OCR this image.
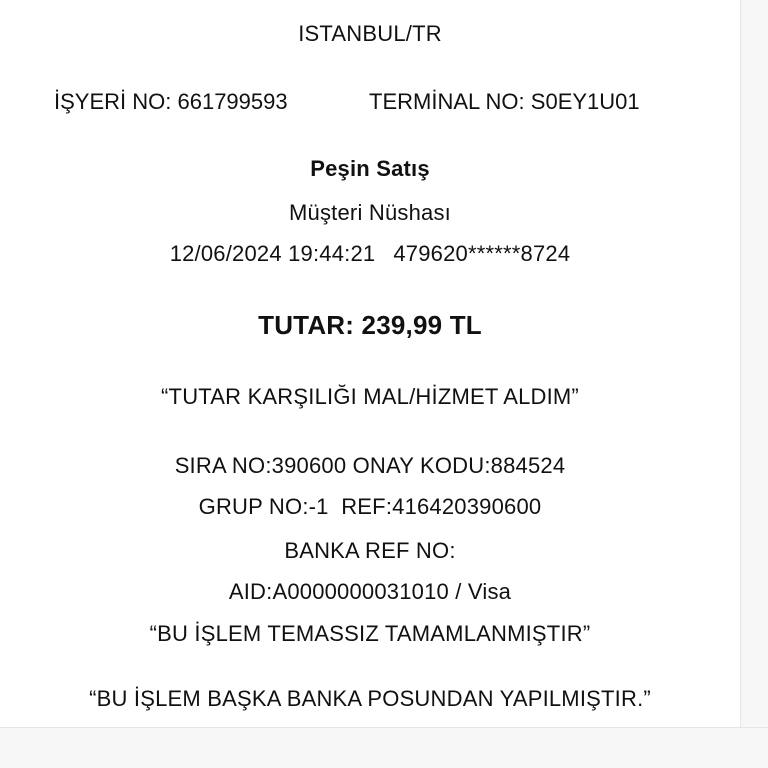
ISTANBUL/TR
İŞYERİ NO: 661799593	TERMİNAL NO: S0EY1U01
Peşin Satış
Müşteri Nüshası
12/06/2024 19:44:21 479620******8724
TUTAR: 239,99 TL
“TUTAR KARŞILIĞI MAL/HİZMET ALDIM”
SIRA NO:390600 ONAY KODU:884524
GRUP NO:-1  REF:416420390600
BANKA REF NO:
AID:A0000000031010 / Visa
“BU İŞLEM TEMASSIZ TAMAMLANMIŞTIR”
“BU İŞLEM BAŞKA BANKA POSUNDAN YAPILMIŞTIR.”
